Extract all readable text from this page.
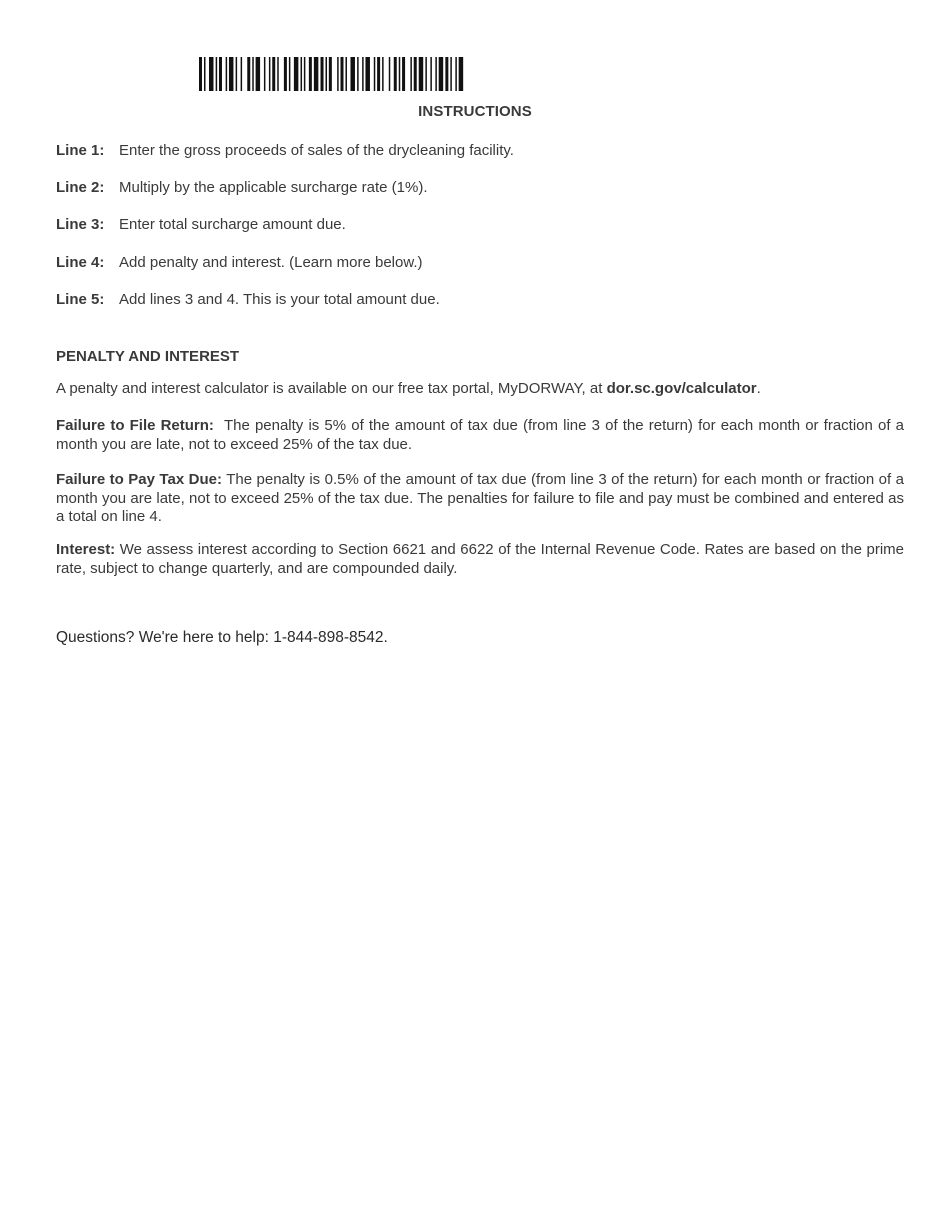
INSTRUCTIONS
Line 1: Enter the gross proceeds of sales of the drycleaning facility.
Line 2: Multiply by the applicable surcharge rate (1%).
Line 3: Enter total surcharge amount due.
Line 4: Add penalty and interest. (Learn more below.)
Line 5: Add lines 3 and 4. This is your total amount due.
PENALTY AND INTEREST
A penalty and interest calculator is available on our free tax portal, MyDORWAY, at dor.sc.gov/calculator.
Failure to File Return: The penalty is 5% of the amount of tax due (from line 3 of the return) for each month or fraction of a month you are late, not to exceed 25% of the tax due.
Failure to Pay Tax Due: The penalty is 0.5% of the amount of tax due (from line 3 of the return) for each month or fraction of a month you are late, not to exceed 25% of the tax due. The penalties for failure to file and pay must be combined and entered as a total on line 4.
Interest: We assess interest according to Section 6621 and 6622 of the Internal Revenue Code. Rates are based on the prime rate, subject to change quarterly, and are compounded daily.
Questions? We're here to help: 1-844-898-8542.
